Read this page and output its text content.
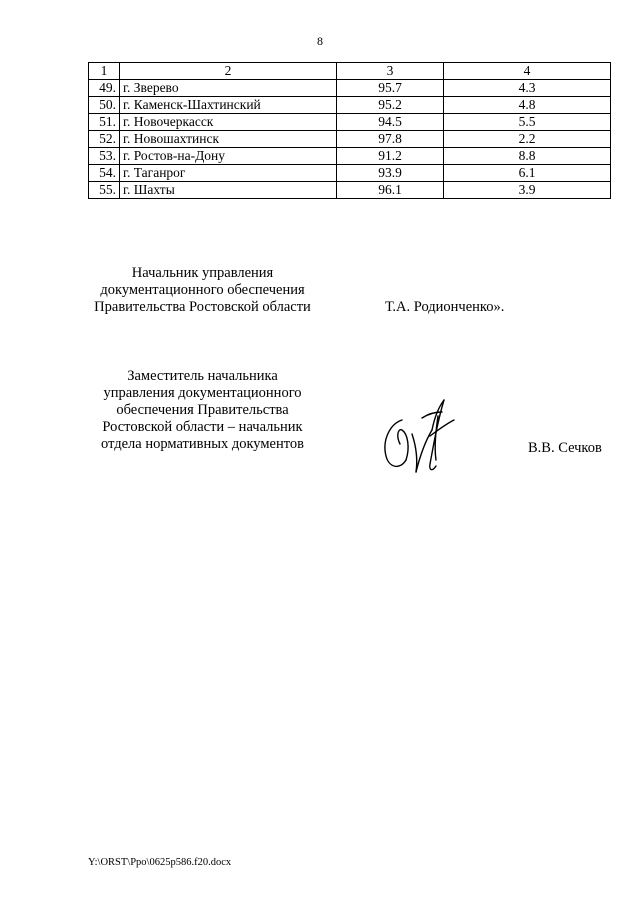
8
1	2	3	4
49.	г. Зверево	95.7	4.3
50.	г. Каменск-Шахтинский	95.2	4.8
51.	г. Новочеркасск	94.5	5.5
52.	г. Новошахтинск	97.8	2.2
53.	г. Ростов-на-Дону	91.2	8.8
54.	г. Таганрог	93.9	6.1
55.	г. Шахты	96.1	3.9
Начальник управления
документационного обеспечения
Правительства Ростовской области	Т.А. Родионченко».
Заместитель начальника
управления документационного
обеспечения Правительства
Ростовской области – начальник
отдела нормативных документов	В.В. Сечков
Y:\ORST\Ppo\0625p586.f20.docx
